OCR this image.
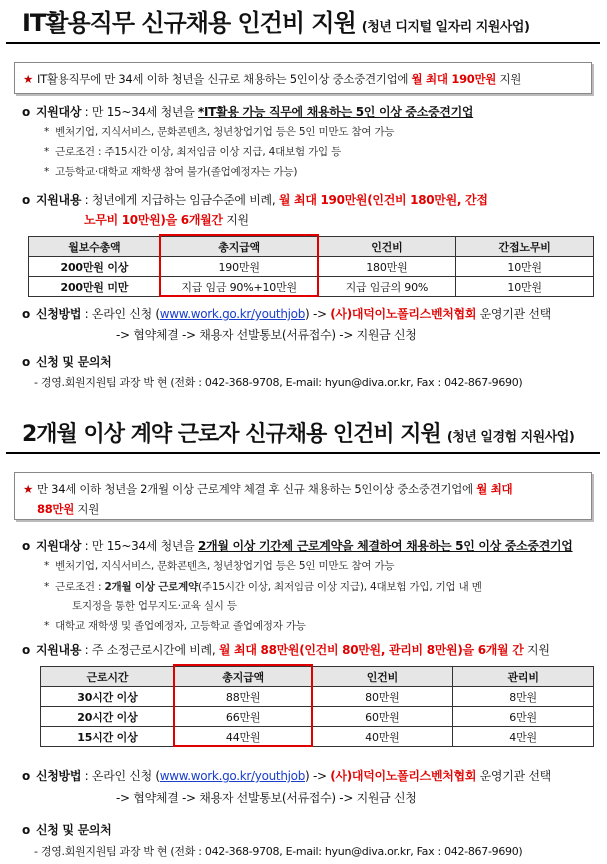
IT활용직무 신규채용 인건비 지원 (청년 디지털 일자리 지원사업)
★ IT활용직무에 만 34세 이하 청년을 신규로 채용하는 5인이상 중소중견기업에 월 최대 190만원 지원
o 지원대상 : 만 15~34세 청년을 *IT활용 가능 직무에 채용하는 5인 이상 중소중견기업
* 벤처기업, 지식서비스, 문화콘텐츠, 청년창업기업 등은 5인 미만도 참여 가능
* 근로조건 : 주15시간 이상, 최저임금 이상 지급, 4대보험 가입 등
* 고등학교·대학교 재학생 참여 불가(졸업예정자는 가능)
o 지원내용 : 청년에게 지급하는 임금수준에 비례, 월 최대 190만원(인건비 180만원, 간접
노무비 10만원)을 6개월간 지원
월보수총액	총지급액	인건비	간접노무비
200만원 이상	190만원	180만원	10만원
200만원 미만	지급 임금 90%+10만원	지급 임금의 90%	10만원
o 신청방법 : 온라인 신청 (www.work.go.kr/youthjob) -> (사)대덕이노폴리스벤처협회 운영기관 선택
-> 협약체결 -> 채용자 선발통보(서류접수) -> 지원금 신청
o 신청 및 문의처
- 경영.회원지원팀 과장 박 현 (전화 : 042-368-9708, E-mail: hyun@diva.or.kr, Fax : 042-867-9690)
2개월 이상 계약 근로자 신규채용 인건비 지원 (청년 일경험 지원사업)
★ 만 34세 이하 청년을 2개월 이상 근로계약 체결 후 신규 채용하는 5인이상 중소중견기업에 월 최대
88만원 지원
o 지원대상 : 만 15~34세 청년을 2개월 이상 기간제 근로계약을 체결하여 채용하는 5인 이상 중소중견기업
* 벤처기업, 지식서비스, 문화콘텐츠, 청년창업기업 등은 5인 미만도 참여 가능
* 근로조건 : 2개월 이상 근로계약(주15시간 이상, 최저임금 이상 지급), 4대보험 가입, 기업 내 멘
토지정을 통한 업무지도·교육 실시 등
* 대학교 재학생 및 졸업예정자, 고등학교 졸업예정자 가능
o 지원내용 : 주 소정근로시간에 비례, 월 최대 88만원(인건비 80만원, 관리비 8만원)을 6개월 간 지원
근로시간	총지급액	인건비	관리비
30시간 이상	88만원	80만원	8만원
20시간 이상	66만원	60만원	6만원
15시간 이상	44만원	40만원	4만원
o 신청방법 : 온라인 신청 (www.work.go.kr/youthjob) -> (사)대덕이노폴리스벤처협회 운영기관 선택
-> 협약체결 -> 채용자 선발통보(서류접수) -> 지원금 신청
o 신청 및 문의처
- 경영.회원지원팀 과장 박 현 (전화 : 042-368-9708, E-mail: hyun@diva.or.kr, Fax : 042-867-9690)
